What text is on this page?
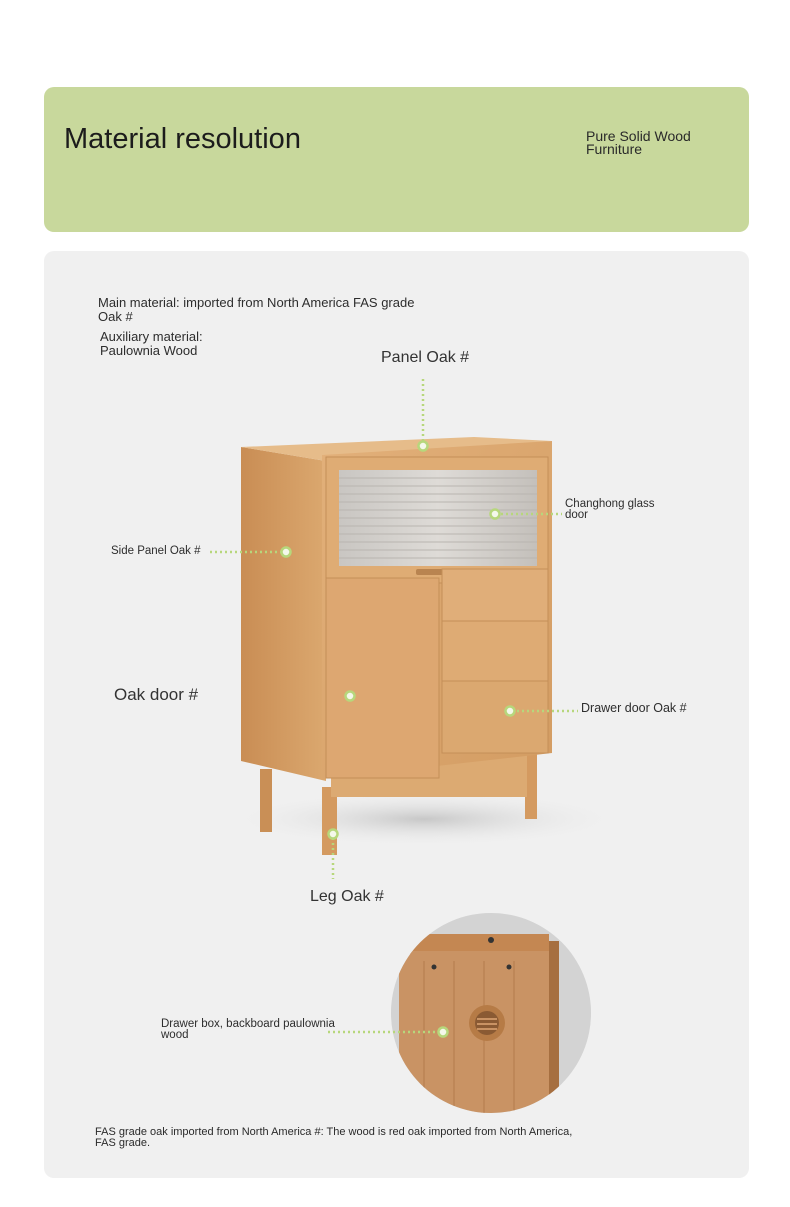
Material resolution	Pure Solid Wood Furniture
Main material: imported from North America FAS grade Oak #
Auxiliary material: Paulownia Wood	Panel Oak #
Changhong glass door
Side Panel Oak #
Oak door #
Drawer door Oak #
Leg Oak #
Drawer box, backboard paulownia wood
FAS grade oak imported from North America #: The wood is red oak imported from North America, FAS grade.
